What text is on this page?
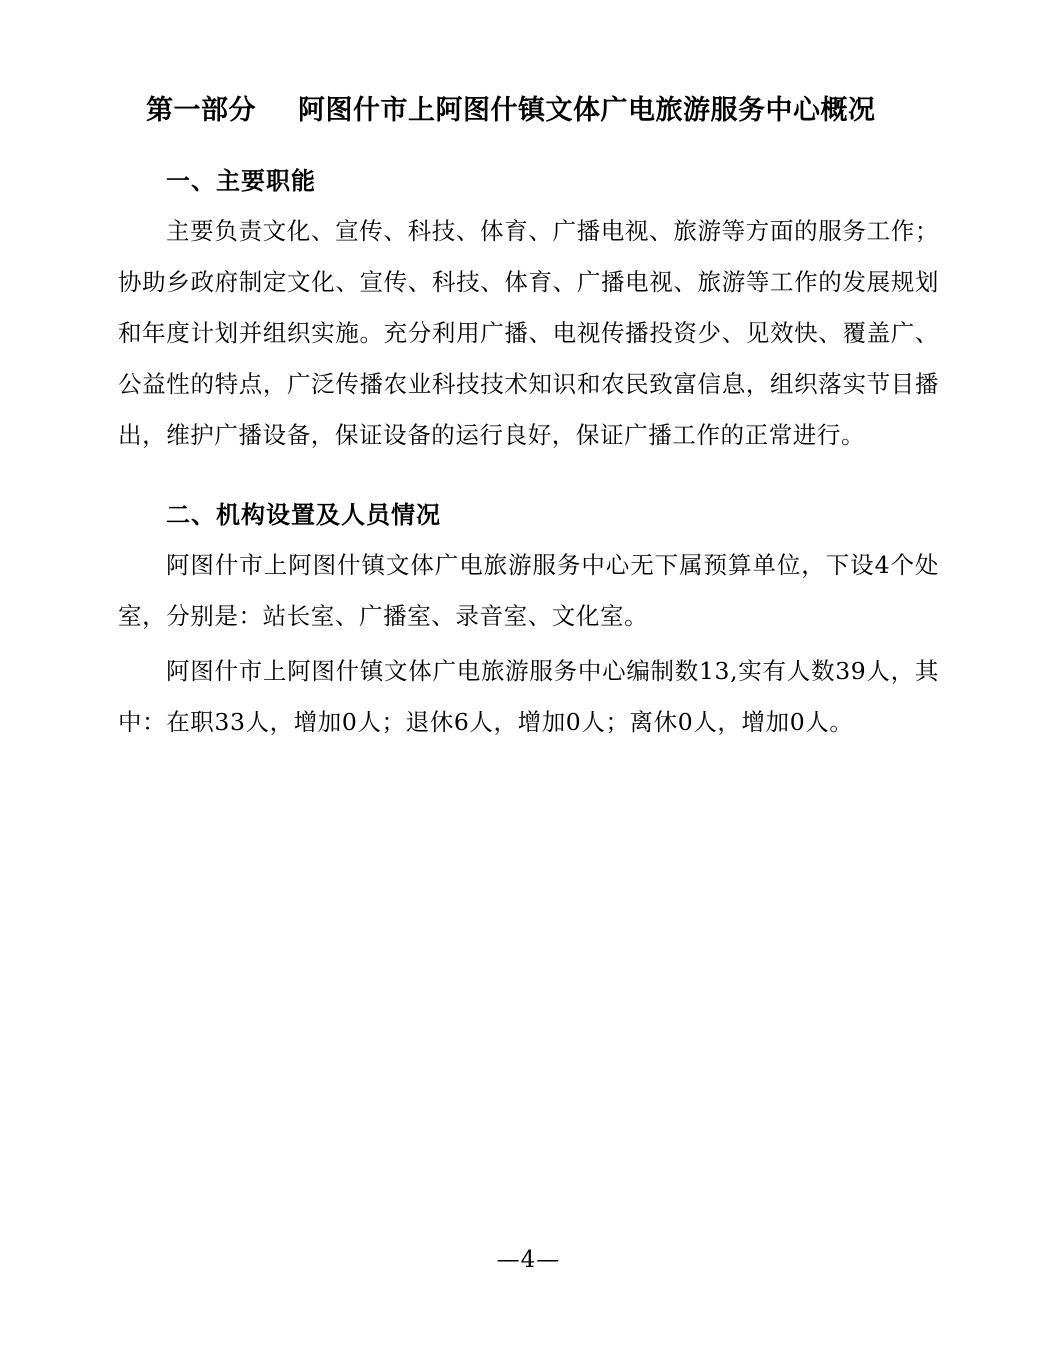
第一部分 阿图什市上阿图什镇文体广电旅游服务中心概况
一、主要职能

主要负责文化、宣传、科技、体育、广播电视、旅游等方面的服务工作；协助乡政府制定文化、宣传、科技、体育、广播电视、旅游等工作的发展规划和年度计划并组织实施。充分利用广播、电视传播投资少、见效快、覆盖广、公益性的特点，广泛传播农业科技技术知识和农民致富信息，组织落实节目播出，维护广播设备，保证设备的运行良好，保证广播工作的正常进行。

二、机构设置及人员情况

阿图什市上阿图什镇文体广电旅游服务中心无下属预算单位，下设4个处室，分别是：站长室、广播室、录音室、文化室。

阿图什市上阿图什镇文体广电旅游服务中心编制数13,实有人数39人，其中：在职33人，增加0人；退休6人，增加0人；离休0人，增加0人。

—4—
